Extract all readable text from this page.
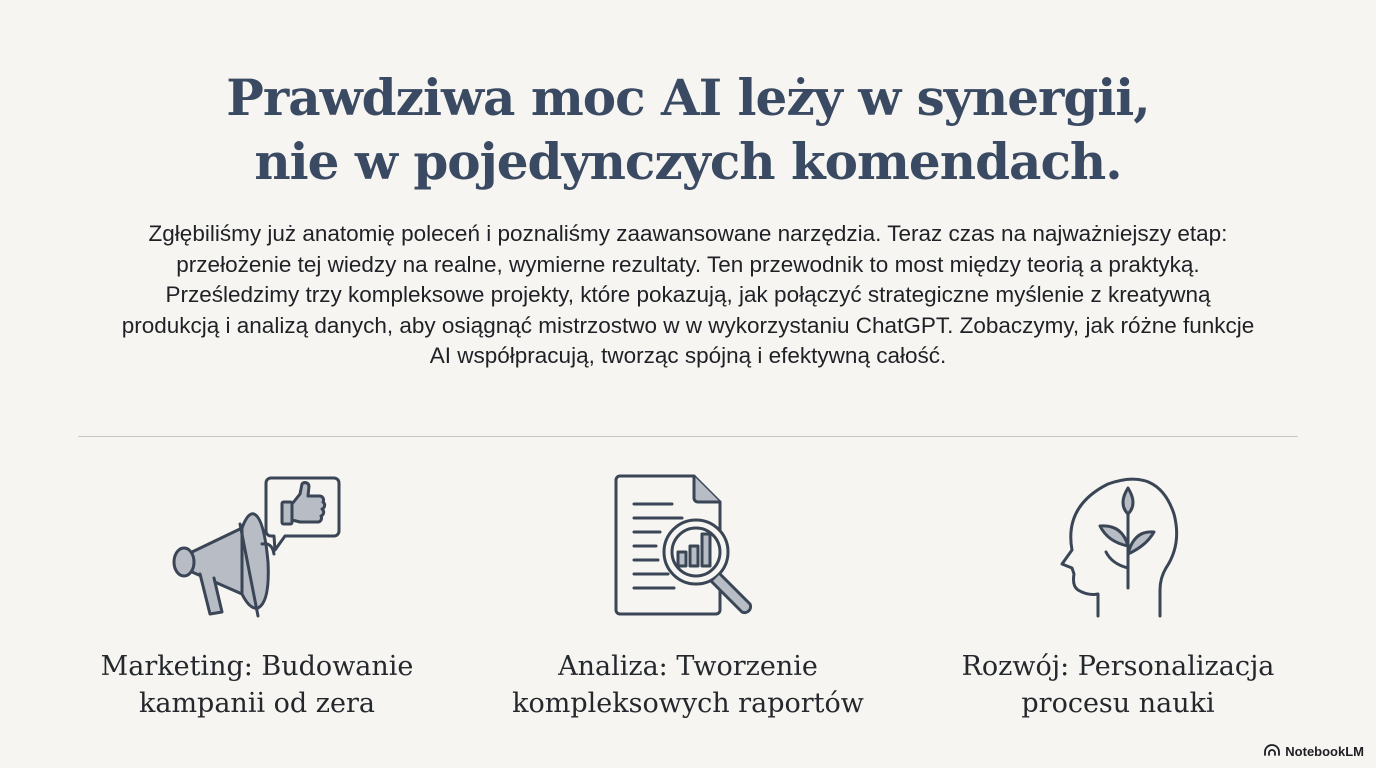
Prawdziwa moc AI leży w synergii,
nie w pojedynczych komendach.

Zgłębiliśmy już anatomię poleceń i poznaliśmy zaawansowane narzędzia. Teraz czas na najważniejszy etap: przełożenie tej wiedzy na realne, wymierne rezultaty. Ten przewodnik to most między teorią a praktyką. Prześledzimy trzy kompleksowe projekty, które pokazują, jak połączyć strategiczne myślenie z kreatywną produkcją i analizą danych, aby osiągnąć mistrzostwo w w wykorzystaniu ChatGPT. Zobaczymy, jak różne funkcje AI współpracują, tworząc spójną i efektywną całość.

Marketing: Budowanie
kampanii od zera
Analiza: Tworzenie
kompleksowych raportów
Rozwój: Personalizacja
procesu nauki
NotebookLM
